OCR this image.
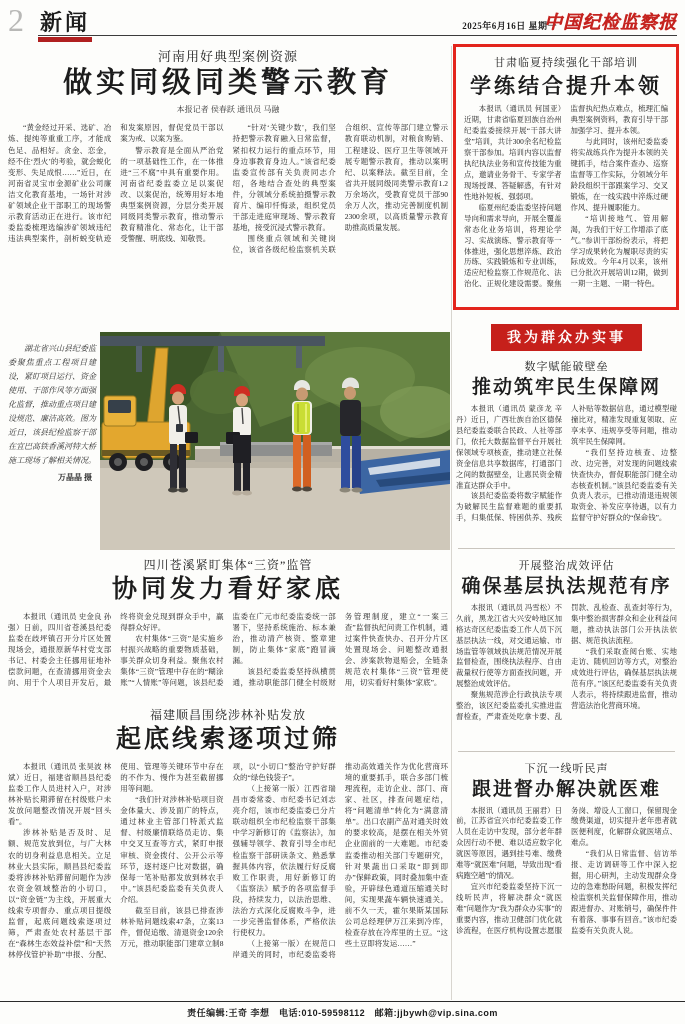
2 新闻	2025年6月16日 星期一
中国纪检监察报
河南用好典型案例资源
做实同级同类警示教育
本报记者 侯春跃 通讯员 马融

“黄金经过开采、选矿、冶炼、提纯等重重工序，才能成色足、品相好。贪金、恋金，经不住‘烈火’的考验，就会蜕化变形、失足成恨……”近日，在河南省灵宝市金源矿业公司廉洁文化教育基地，一场针对涉矿领域企业干部职工的现场警示教育活动正在进行。该市纪委监委梳理选编涉矿领域违纪违法典型案件，剖析蜕变轨迹和发案原因，督促党员干部以案为戒、以案为鉴。

警示教育是全面从严治党的一项基础性工作，在一体推进“三不腐”中具有重要作用。河南省纪委监委立足以案促改、以案促治，统筹用好本地典型案例资源，分层分类开展同级同类警示教育，推动警示教育精准化、常态化，让干部受警醒、明底线、知敬畏。

“针对‘关键少数’，我们坚持把警示教育融入日常监督，紧扣权力运行的重点环节，用身边事教育身边人。”该省纪委监委宣传部有关负责同志介绍，各地结合查处的典型案件，分领域分系统拍摄警示教育片、编印忏悔录，组织党员干部走进庭审现场、警示教育基地，接受沉浸式警示教育。

围绕重点领域和关键岗位，该省各级纪检监察机关联合组织、宣传等部门建立警示教育联动机制，对粮食购销、工程建设、医疗卫生等领域开展专题警示教育，推动以案明纪、以案释法。截至目前，全省共开展同级同类警示教育1.2万余场次，受教育党员干部90余万人次，推动完善制度机制2300余项，以高质量警示教育助推高质量发展。

湖北省兴山县纪委监委聚焦重点工程项目建设，紧盯项目运行、资金使用、干部作风等方面强化监督，推动重点项目建设规范、廉洁高效。图为近日，该县纪检监察干部在宜巴高铁香溪河特大桥施工现场了解相关情况。
万晶晶 摄
四川苍溪紧盯集体“三资”监管
协同发力看好家底

本报讯（通讯员 史金良 孙强）日前，四川省苍溪县纪委监委在歧坪镇召开分片区处置现场会，通报原新华村党支部书记、村委会主任挪用征地补偿款问题，在查清挪用资金去向、用于个人项目开发后，最终将资金兑现到群众手中，赢得群众好评。

农村集体“三资”是实施乡村振兴战略的重要物质基础，事关群众切身利益。聚焦农村集体“三资”管理中存在的“糊涂账”“人情账”等问题，该县纪委监委在广元市纪委监委统一部署下，坚持系统施治、标本兼治，推动清产核资、整章建制，防止集体“家底”跑冒滴漏。

该县纪委监委坚持纵横贯通，推动职能部门健全村级财务管理制度，建立“一案三查”监督执纪问责工作机制，通过案件快查快办、召开分片区处置现场会、问题整改通报会、涉案款物退赔会，全链条规范农村集体“三资”管理使用，切实看好村集体“家底”。

福建顺昌围绕涉林补贴发放
起底线索逐项过筛

本报讯（通讯员 张昊波 林斌）近日，福建省顺昌县纪委监委工作人员进村入户，对涉林补贴长期滞留在村级账户未发放问题整改情况开展“回头看”。

涉林补贴是否及时、足额、规范发放到位，与广大林农的切身利益息息相关。立足林业大县实际，顺昌县纪委监委将涉林补贴滞留问题作为涉农资金领域整治的小切口，以“资金链”为主线，开展重大线索专项督办、重点项目提级监督，起底问题线索逐项过筛，严肃查处农村基层干部在“森林生态效益补偿”和“天然林停伐管护补助”申报、分配、使用、管理等关键环节中存在的不作为、慢作为甚至截留挪用等问题。

“我们针对涉林补贴项目资金体量大、涉及面广的特点，通过林业主管部门特派式监督、村级廉情联络员走访、集中交叉互查等方式，紧盯申报审核、资金拨付、公开公示等环节，逐村逐户比对数据，确保每一笔补贴都发放到林农手中。”该县纪委监委有关负责人介绍。

截至目前，该县已排查涉林补贴问题线索47条，立案13件，督促追缴、清退资金120余万元，推动职能部门建章立制8项，以“小切口”整治守护好群众的“绿色钱袋子”。

（上接第一版）江西省瑞昌市委常委、市纪委书记刘志亮介绍，该市纪委监委已分片联动组织全市纪检监察干部集中学习新修订的《监察法》，加强辅导领学、教育引导全市纪检监察干部研读条文、熟悉掌握具体内容，依法履行好反腐败工作职责，用好新修订的《监察法》赋予的各项监督手段，持续发力，以法治思维、法治方式深化反腐败斗争，进一步完善监督体系，严格依法行使权力。

（上接第一版）在规范口岸通关的同时，市纪委监委将推动高效通关作为优化营商环境的重要抓手，联合多部门梳理流程，走访企业、部门、商家、社区，排查问题症结，将“问题清单”转化为“满意清单”。出口农副产品对通关时效的要求较高，是摆在相关外贸企业面前的一大难题。市纪委监委推动相关部门专题研究，针对果蔬出口采取“即到即办”保鲜政策，同时叠加集中查验，开辟绿色通道压缩通关时间，实现果蔬车辆快速通关。前不久一天，霍尔果斯某国际公司总经理伊万江来到冷库，检查存放在冷库里的土豆。“这些土豆即将发运……”

甘肃临夏持续强化干部培训
学练结合提升本领

本报讯（通讯员 何国亚）近期，甘肃省临夏回族自治州纪委监委接续开展“干部大讲堂”培训，共计300余名纪检监察干部参加。培训内容以监督执纪执法业务和宣传技能为重点，邀请业务骨干、专家学者现场授课、答疑解惑，有针对性地补短板、强弱项。

临夏州纪委监委坚持问题导向和需求导向，开展全覆盖常态化业务培训，将理论学习、实战演练、警示教育等一体推进，强化思想淬炼、政治历练、实践锻炼和专业训练，适应纪检监察工作规范化、法治化、正规化建设需要。聚焦监督执纪热点难点，梳理汇编典型案例资料，教育引导干部加强学习、提升本领。

与此同时，该州纪委监委将实战练兵作为提升本领的关键抓手，结合案件查办、巡察监督等工作实际，分领域分年龄段组织干部跟案学习、交叉锻炼，在一线实践中淬炼过硬作风、提升履职能力。

“培训接地气、管用解渴，为我们干好工作增添了底气。”参训干部纷纷表示，将把学习成果转化为履职尽责的实际成效。今年4月以来，该州已分批次开展培训12期，做到一期一主题、一期一特色。

我为群众办实事
数字赋能破壁垒
推动筑牢民生保障网

本报讯（通讯员 蒙彦龙 辛丹）近日，广西壮族自治区德保县纪委监委联合民政、人社等部门，依托大数据监督平台开展社保领域专项核查，推动建立社保资金信息共享数据库，打通部门之间的数据壁垒，让惠民资金精准直达群众手中。

该县纪委监委将数字赋能作为破解民生监督难题的重要抓手，归集低保、特困供养、残疾人补贴等数据信息，通过模型碰撞比对，精准发现重复领取、应享未享、违规享受等问题，推动筑牢民生保障网。

“我们坚持边核查、边整改、边完善，对发现的问题线索快查快办，督促职能部门健全动态核查机制。”该县纪委监委有关负责人表示，已推动清退违规领取资金、补发应享待遇，以有力监督守护好群众的“保命钱”。

开展整治成效评估
确保基层执法规范有序

本报讯（通讯员 冯雪松）不久前，黑龙江省大兴安岭地区加格达奇区纪委监委工作人员下沉基层执法一线，对交通运输、市场监管等领域执法规范情况开展监督检查，围绕执法程序、自由裁量权行使等方面查找问题，开展整治成效评估。

聚焦规范涉企行政执法专项整治，该区纪委监委扎实推进监督检查，严肃查处吃拿卡要、乱罚款、乱检查、乱查封等行为，集中整治损害群众和企业利益问题，推动执法部门公开执法依据、规范执法流程。

“我们采取查阅台账、实地走访、随机回访等方式，对整治成效进行评估，确保基层执法规范有序。”该区纪委监委有关负责人表示，将持续跟进监督，推动营造法治化营商环境。

下沉一线听民声
跟进督办解决就医难

本报讯（通讯员 王丽君）日前，江苏省宜兴市纪委监委工作人员在走访中发现，部分老年群众因行动不便、难以适应数字化就医等原因，遇到挂号难、缴费难等“就医难”问题，导致出现“看病跑空趟”的情况。

宜兴市纪委监委坚持下沉一线听民声，将解决群众“就医难”问题作为“我为群众办实事”的重要内容，推动卫健部门优化就诊流程，在医疗机构设置志愿服务岗、增设人工窗口，保留现金缴费渠道，切实提升老年患者就医便利度，化解群众就医堵点、难点。

“我们从日常监督、信访举报、走访调研等工作中深入挖掘，用心研判，主动发现群众身边的急难愁盼问题，积极发挥纪检监察机关监督保障作用，推动跟进督办、对账销号，确保件件有着落、事事有回音。”该市纪委监委有关负责人说。

责任编辑:王奇 李想　电话:010-59598112　邮箱:jjbywh@vip.sina.com
